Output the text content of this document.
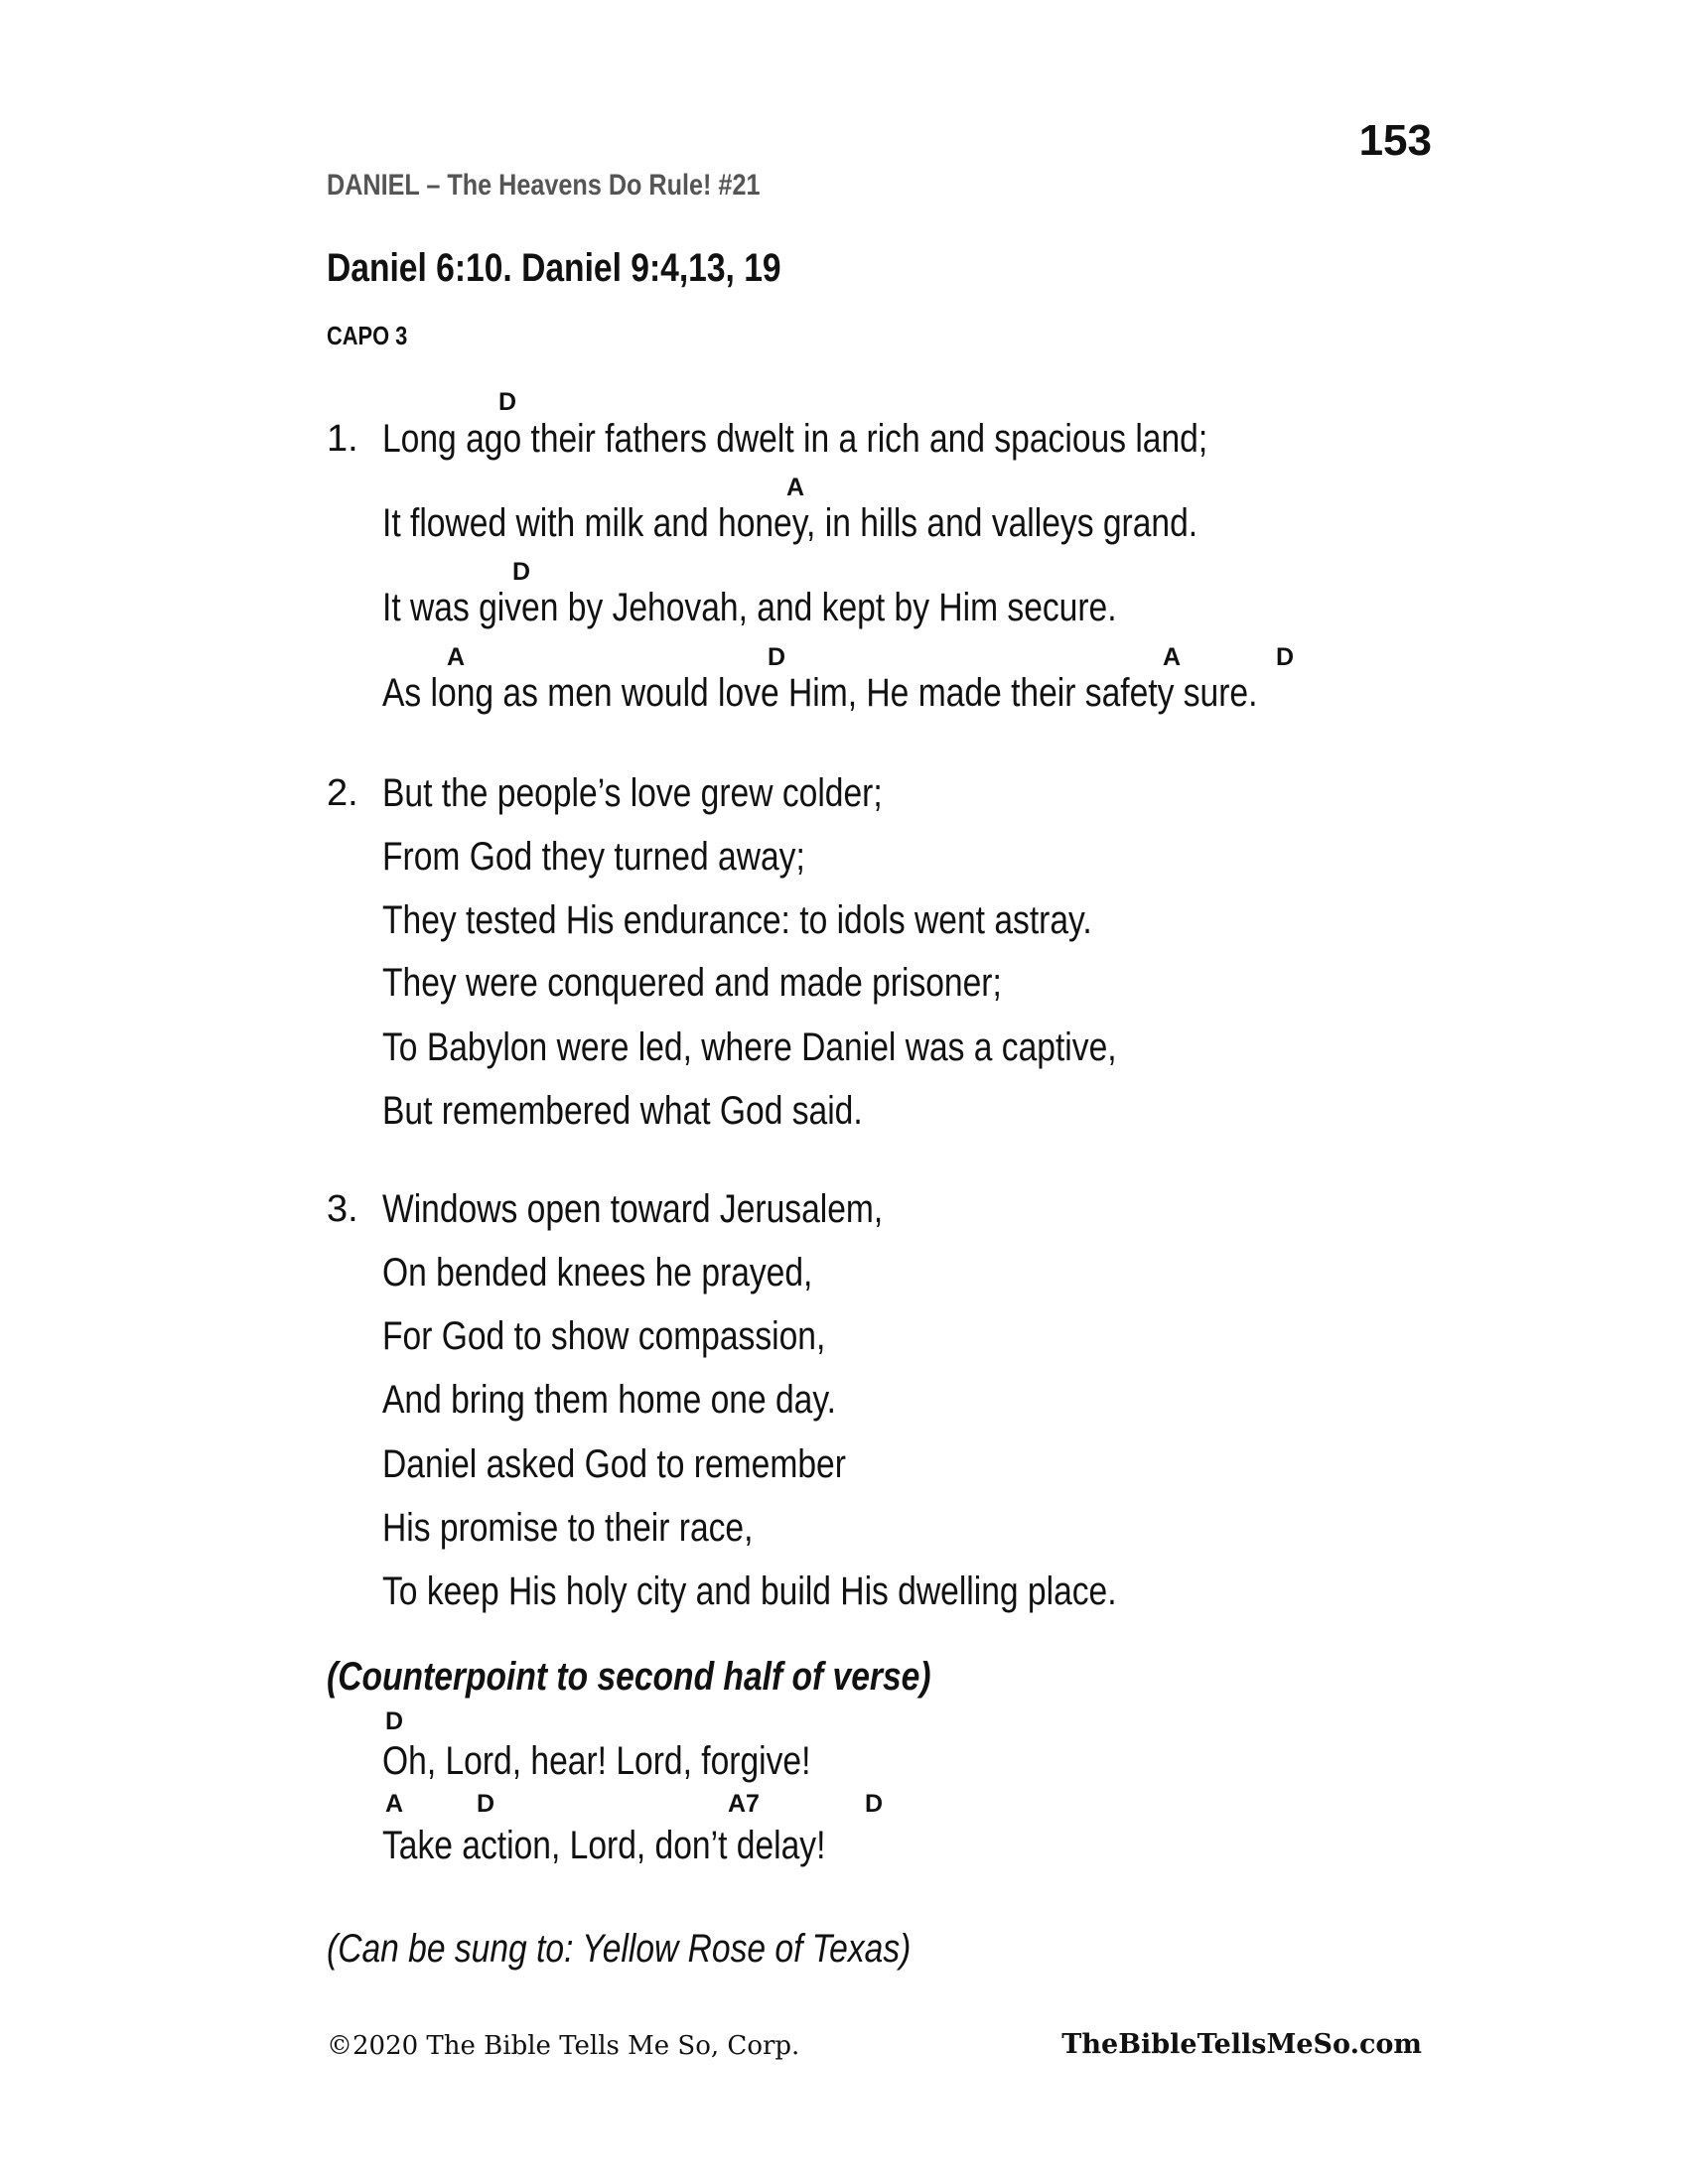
153
DANIEL – The Heavens Do Rule! #21
Daniel 6:10. Daniel 9:4,13, 19
CAPO 3
D
1. Long ago their fathers dwelt in a rich and spacious land;
A
It flowed with milk and honey, in hills and valleys grand.
D
It was given by Jehovah, and kept by Him secure.
A	D	A	D
As long as men would love Him, He made their safety sure.
2. But the people’s love grew colder;
From God they turned away;
They tested His endurance: to idols went astray.
They were conquered and made prisoner;
To Babylon were led, where Daniel was a captive,
But remembered what God said.
3. Windows open toward Jerusalem,
On bended knees he prayed,
For God to show compassion,
And bring them home one day.
Daniel asked God to remember
His promise to their race,
To keep His holy city and build His dwelling place.
(Counterpoint to second half of verse)
D
Oh, Lord, hear! Lord, forgive!
A	D	A7	D
Take action, Lord, don’t delay!
(Can be sung to: Yellow Rose of Texas)
©2020 The Bible Tells Me So, Corp.	TheBibleTellsMeSo.com
